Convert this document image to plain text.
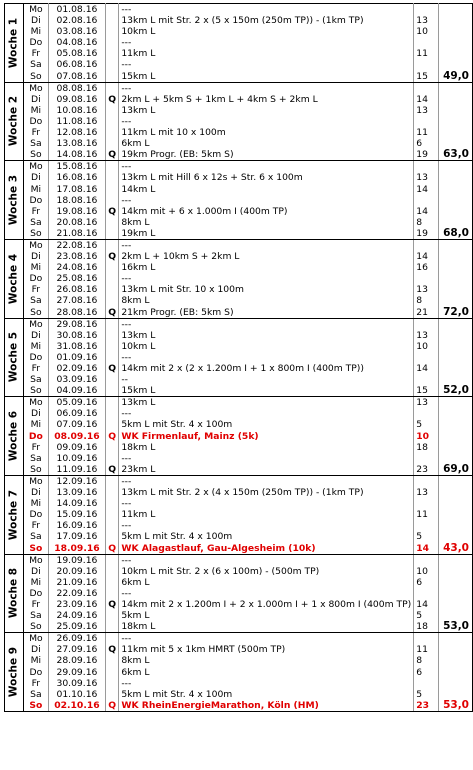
Woche 1	Mo	01.08.16		---		
	Di	02.08.16		13km L mit Str. 2 x (5 x 150m (250m TP)) - (1km TP)	13	
	Mi	03.08.16		10km L	10	
	Do	04.08.16		---		
	Fr	05.08.16		11km L	11	
	Sa	06.08.16		---		
	So	07.08.16		15km L	15	49,0

Woche 2	Mo	08.08.16		---		
	Di	09.08.16	Q	2km L + 5km S + 1km L + 4km S + 2km L	14	
	Mi	10.08.16		13km L	13	
	Do	11.08.16		---		
	Fr	12.08.16		11km L mit 10 x 100m	11	
	Sa	13.08.16		6km L	6	
	So	14.08.16	Q	19km Progr. (EB: 5km S)	19	63,0

Woche 3	Mo	15.08.16		---		
	Di	16.08.16		13km L mit Hill 6 x 12s + Str. 6 x 100m	13	
	Mi	17.08.16		14km L	14	
	Do	18.08.16		---		
	Fr	19.08.16	Q	14km mit + 6 x 1.000m I (400m TP)	14	
	Sa	20.08.16		8km L	8	
	So	21.08.16		19km L	19	68,0

Woche 4	Mo	22.08.16		---		
	Di	23.08.16	Q	2km L + 10km S + 2km L	14	
	Mi	24.08.16		16km L	16	
	Do	25.08.16		---		
	Fr	26.08.16		13km L mit Str. 10 x 100m	13	
	Sa	27.08.16		8km L	8	
	So	28.08.16	Q	21km Progr. (EB: 5km S)	21	72,0

Woche 5	Mo	29.08.16		---		
	Di	30.08.16		13km L	13	
	Mi	31.08.16		10km L	10	
	Do	01.09.16		---		
	Fr	02.09.16	Q	14km mit 2 x (2 x 1.200m I + 1 x 800m I (400m TP))	14	
	Sa	03.09.16		--		
	So	04.09.16		15km L	15	52,0

Woche 6	Mo	05.09.16		13km L	13	
	Di	06.09.16		---		
	Mi	07.09.16		5km L mit Str. 4 x 100m	5	
	Do	08.09.16	Q	WK Firmenlauf, Mainz (5k)	10	
	Fr	09.09.16		18km L	18	
	Sa	10.09.16		---		
	So	11.09.16	Q	23km L	23	69,0

Woche 7	Mo	12.09.16		---		
	Di	13.09.16		13km L mit Str. 2 x (4 x 150m (250m TP)) - (1km TP)	13	
	Mi	14.09.16		---		
	Do	15.09.16		11km L	11	
	Fr	16.09.16		---		
	Sa	17.09.16		5km L mit Str. 4 x 100m	5	
	So	18.09.16	Q	WK Alagastlauf, Gau-Algesheim (10k)	14	43,0

Woche 8	Mo	19.09.16		---		
	Di	20.09.16		10km L mit Str. 2 x (6 x 100m) - (500m TP)	10	
	Mi	21.09.16		6km L	6	
	Do	22.09.16		---		
	Fr	23.09.16	Q	14km mit 2 x 1.200m I + 2 x 1.000m I + 1 x 800m I (400m TP)	14	
	Sa	24.09.16		5km L	5	
	So	25.09.16		18km L	18	53,0

Woche 9	Mo	26.09.16		---		
	Di	27.09.16	Q	11km mit 5 x 1km HMRT (500m TP)	11	
	Mi	28.09.16		8km L	8	
	Do	29.09.16		6km L	6	
	Fr	30.09.16		---		
	Sa	01.10.16		5km L mit Str. 4 x 100m	5	
	So	02.10.16	Q	WK RheinEnergieMarathon, Köln (HM)	23	53,0
